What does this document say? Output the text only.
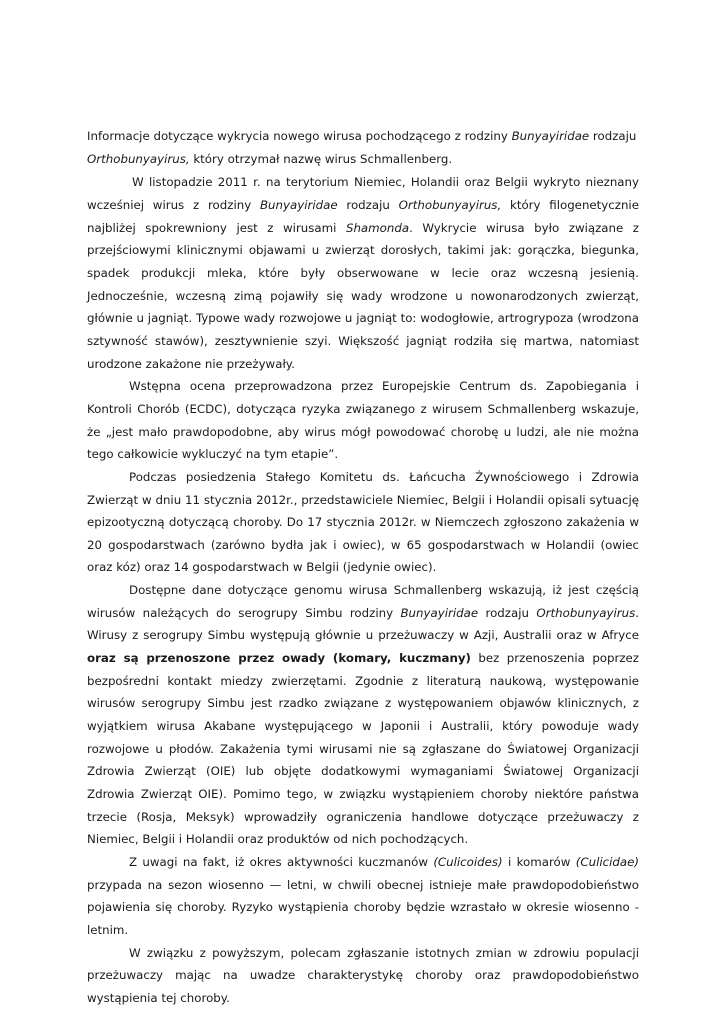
Informacje dotyczące wykrycia nowego wirusa pochodzącego z rodziny Bunyayiridae rodzaju
Orthobunyayirus, który otrzymał nazwę wirus Schmallenberg.

W listopadzie 2011 r. na terytorium Niemiec, Holandii oraz Belgii wykryto nieznany wcześniej wirus z rodziny Bunyayiridae rodzaju Orthobunyayirus, który filogenetycznie najbliżej spokrewniony jest z wirusami Shamonda. Wykrycie wirusa było związane z przejściowymi klinicznymi objawami u zwierząt dorosłych, takimi jak: gorączka, biegunka, spadek produkcji mleka, które były obserwowane w lecie oraz wczesną jesienią. Jednocześnie, wczesną zimą pojawiły się wady wrodzone u nowonarodzonych zwierząt, głównie u jagniąt. Typowe wady rozwojowe u jagniąt to: wodogłowie, artrogrypoza (wrodzona sztywność stawów), zesztywnienie szyi. Większość jagniąt rodziła się martwa, natomiast urodzone zakażone nie przeżywały.

Wstępna ocena przeprowadzona przez Europejskie Centrum ds. Zapobiegania i Kontroli Chorób (ECDC), dotycząca ryzyka związanego z wirusem Schmallenberg wskazuje, że „jest mało prawdopodobne, aby wirus mógł powodować chorobę u ludzi, ale nie można tego całkowicie wykluczyć na tym etapie”.

Podczas posiedzenia Stałego Komitetu ds. Łańcucha Żywnościowego i Zdrowia Zwierząt w dniu 11 stycznia 2012r., przedstawiciele Niemiec, Belgii i Holandii opisali sytuację epizootyczną dotyczącą choroby. Do 17 stycznia 2012r. w Niemczech zgłoszono zakażenia w 20 gospodarstwach (zarówno bydła jak i owiec), w 65 gospodarstwach w Holandii (owiec oraz kóz) oraz 14 gospodarstwach w Belgii (jedynie owiec).

Dostępne dane dotyczące genomu wirusa Schmallenberg wskazują, iż jest częścią wirusów należących do serogrupy Simbu rodziny Bunyayiridae rodzaju Orthobunyayirus. Wirusy z serogrupy Simbu występują głównie u przeżuwaczy w Azji, Australii oraz w Afryce oraz są przenoszone przez owady (komary, kuczmany) bez przenoszenia poprzez bezpośredni kontakt miedzy zwierzętami. Zgodnie z literaturą naukową, występowanie wirusów serogrupy Simbu jest rzadko związane z występowaniem objawów klinicznych, z wyjątkiem wirusa Akabane występującego w Japonii i Australii, który powoduje wady rozwojowe u płodów. Zakażenia tymi wirusami nie są zgłaszane do Światowej Organizacji Zdrowia Zwierząt (OIE) lub objęte dodatkowymi wymaganiami Światowej Organizacji Zdrowia Zwierząt OIE). Pomimo tego, w związku wystąpieniem choroby niektóre państwa trzecie (Rosja, Meksyk) wprowadziły ograniczenia handlowe dotyczące przeżuwaczy z Niemiec, Belgii i Holandii oraz produktów od nich pochodzących.

Z uwagi na fakt, iż okres aktywności kuczmanów (Culicoides) i komarów (Culicidae) przypada na sezon wiosenno — letni, w chwili obecnej istnieje małe prawdopodobieństwo pojawienia się choroby. Ryzyko wystąpienia choroby będzie wzrastało w okresie wiosenno - letnim.

W związku z powyższym, polecam zgłaszanie istotnych zmian w zdrowiu populacji przeżuwaczy mając na uwadze charakterystykę choroby oraz prawdopodobieństwo wystąpienia tej choroby.
